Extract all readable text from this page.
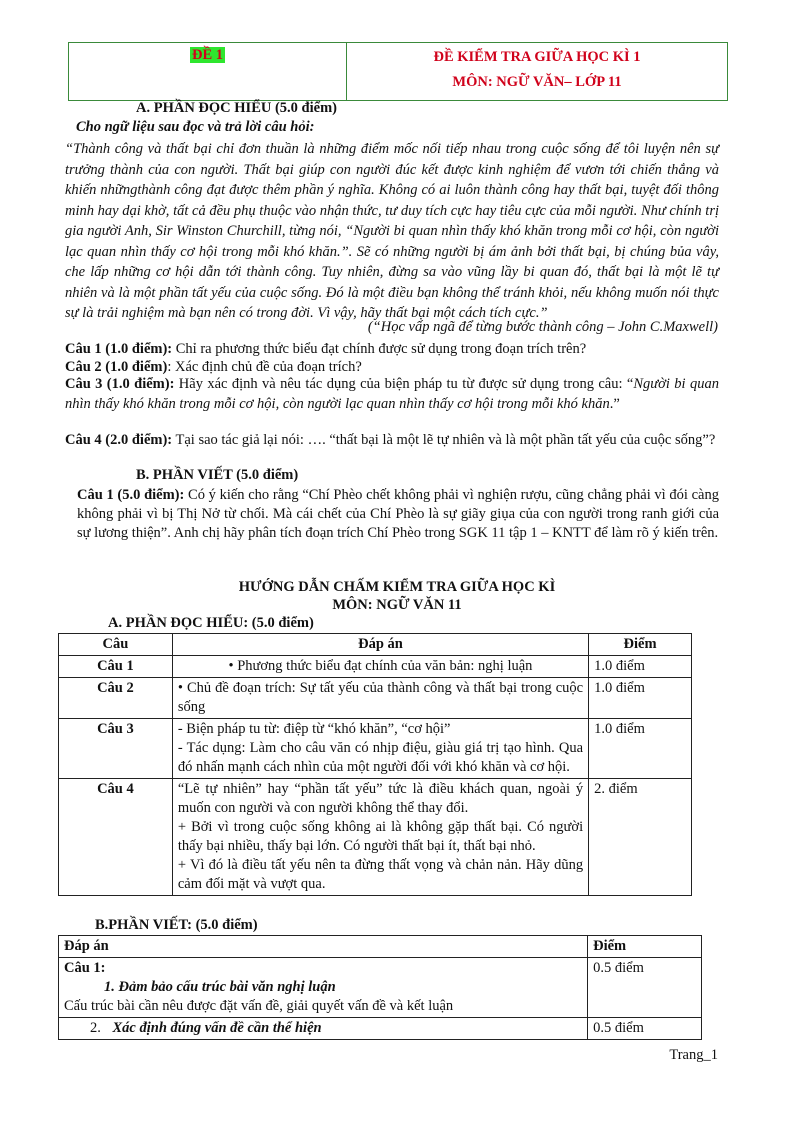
ĐỀ 1	ĐỀ KIỂM TRA GIỮA HỌC KÌ 1
MÔN: NGỮ VĂN– LỚP 11
A. PHẦN ĐỌC HIỂU (5.0 điểm)
Cho ngữ liệu sau đọc và trả lời câu hỏi:
“Thành công và thất bại chỉ đơn thuần là những điểm mốc nối tiếp nhau trong cuộc sống để tôi luyện nên sự trưởng thành của con người. Thất bại giúp con người đúc kết được kinh nghiệm để vươn tới chiến thắng và khiến nhữngthành công đạt được thêm phần ý nghĩa. Không có ai luôn thành công hay thất bại, tuyệt đối thông minh hay dại khờ, tất cả đều phụ thuộc vào nhận thức, tư duy tích cực hay tiêu cực của mỗi người. Như chính trị gia người Anh, Sir Winston Churchill, từng nói, “Người bi quan nhìn thấy khó khăn trong mỗi cơ hội, còn người lạc quan nhìn thấy cơ hội trong mỗi khó khăn.”. Sẽ có những người bị ám ảnh bởi thất bại, bị chúng bủa vây, che lấp những cơ hội dẫn tới thành công. Tuy nhiên, đừng sa vào vũng lầy bi quan đó, thất bại là một lẽ tự nhiên và là một phần tất yếu của cuộc sống. Đó là một điều bạn không thể tránh khỏi, nếu không muốn nói thực sự là trải nghiệm mà bạn nên có trong đời. Vì vậy, hãy thất bại một cách tích cực.”
(“Học vấp ngã để từng bước thành công – John C.Maxwell)
Câu 1 (1.0 điểm): Chỉ ra phương thức biểu đạt chính được sử dụng trong đoạn trích trên?
Câu 2 (1.0 điểm): Xác định chủ đề của đoạn trích?
Câu 3 (1.0 điểm): Hãy xác định và nêu tác dụng của biện pháp tu từ được sử dụng trong câu: “Người bi quan nhìn thấy khó khăn trong mỗi cơ hội, còn người lạc quan nhìn thấy cơ hội trong mỗi khó khăn.”
Câu 4 (2.0 điểm): Tại sao tác giả lại nói: …. “thất bại là một lẽ tự nhiên và là một phần tất yếu của cuộc sống”?
B. PHẦN VIẾT (5.0 điểm)
Câu 1 (5.0 điểm): Có ý kiến cho rằng “Chí Phèo chết không phải vì nghiện rượu, cũng chẳng phải vì đói càng không phải vì bị Thị Nở từ chối. Mà cái chết của Chí Phèo là sự giãy giụa của con người trong ranh giới của sự lương thiện”. Anh chị hãy phân tích đoạn trích Chí Phèo trong SGK 11 tập 1 – KNTT để làm rõ ý kiến trên.
HƯỚNG DẪN CHẤM KIỂM TRA GIỮA HỌC KÌ
MÔN: NGỮ VĂN 11
A. PHẦN ĐỌC HIỂU: (5.0 điểm)
Câu	Đáp án	Điểm
Câu 1	• Phương thức biểu đạt chính của văn bản: nghị luận	1.0 điểm
Câu 2	• Chủ đề đoạn trích: Sự tất yếu của thành công và thất bại trong cuộc sống	1.0 điểm
Câu 3	- Biện pháp tu từ: điệp từ “khó khăn”, “cơ hội”
- Tác dụng: Làm cho câu văn có nhịp điệu, giàu giá trị tạo hình. Qua đó nhấn mạnh cách nhìn của một người đối với khó khăn và cơ hội.	1.0 điểm
Câu 4	“Lẽ tự nhiên” hay “phần tất yếu” tức là điều khách quan, ngoài ý muốn con người và con người không thể thay đổi.
+ Bởi vì trong cuộc sống không ai là không gặp thất bại. Có người thấy bại nhiều, thấy bại lớn. Có người thất bại ít, thất bại nhỏ.
+ Vì đó là điều tất yếu nên ta đừng thất vọng và chản nản. Hãy dũng cảm đối mặt và vượt qua.	2. điểm
B.PHẦN VIẾT: (5.0 điểm)
Đáp án	Điểm

Câu 1:
1. Đảm bảo cấu trúc bài văn nghị luận
Cấu trúc bài cần nêu được đặt vấn đề, giải quyết vấn đề và kết luận	0.5 điểm
2. Xác định đúng vấn đề cần thể hiện	0.5 điểm
Trang_1
